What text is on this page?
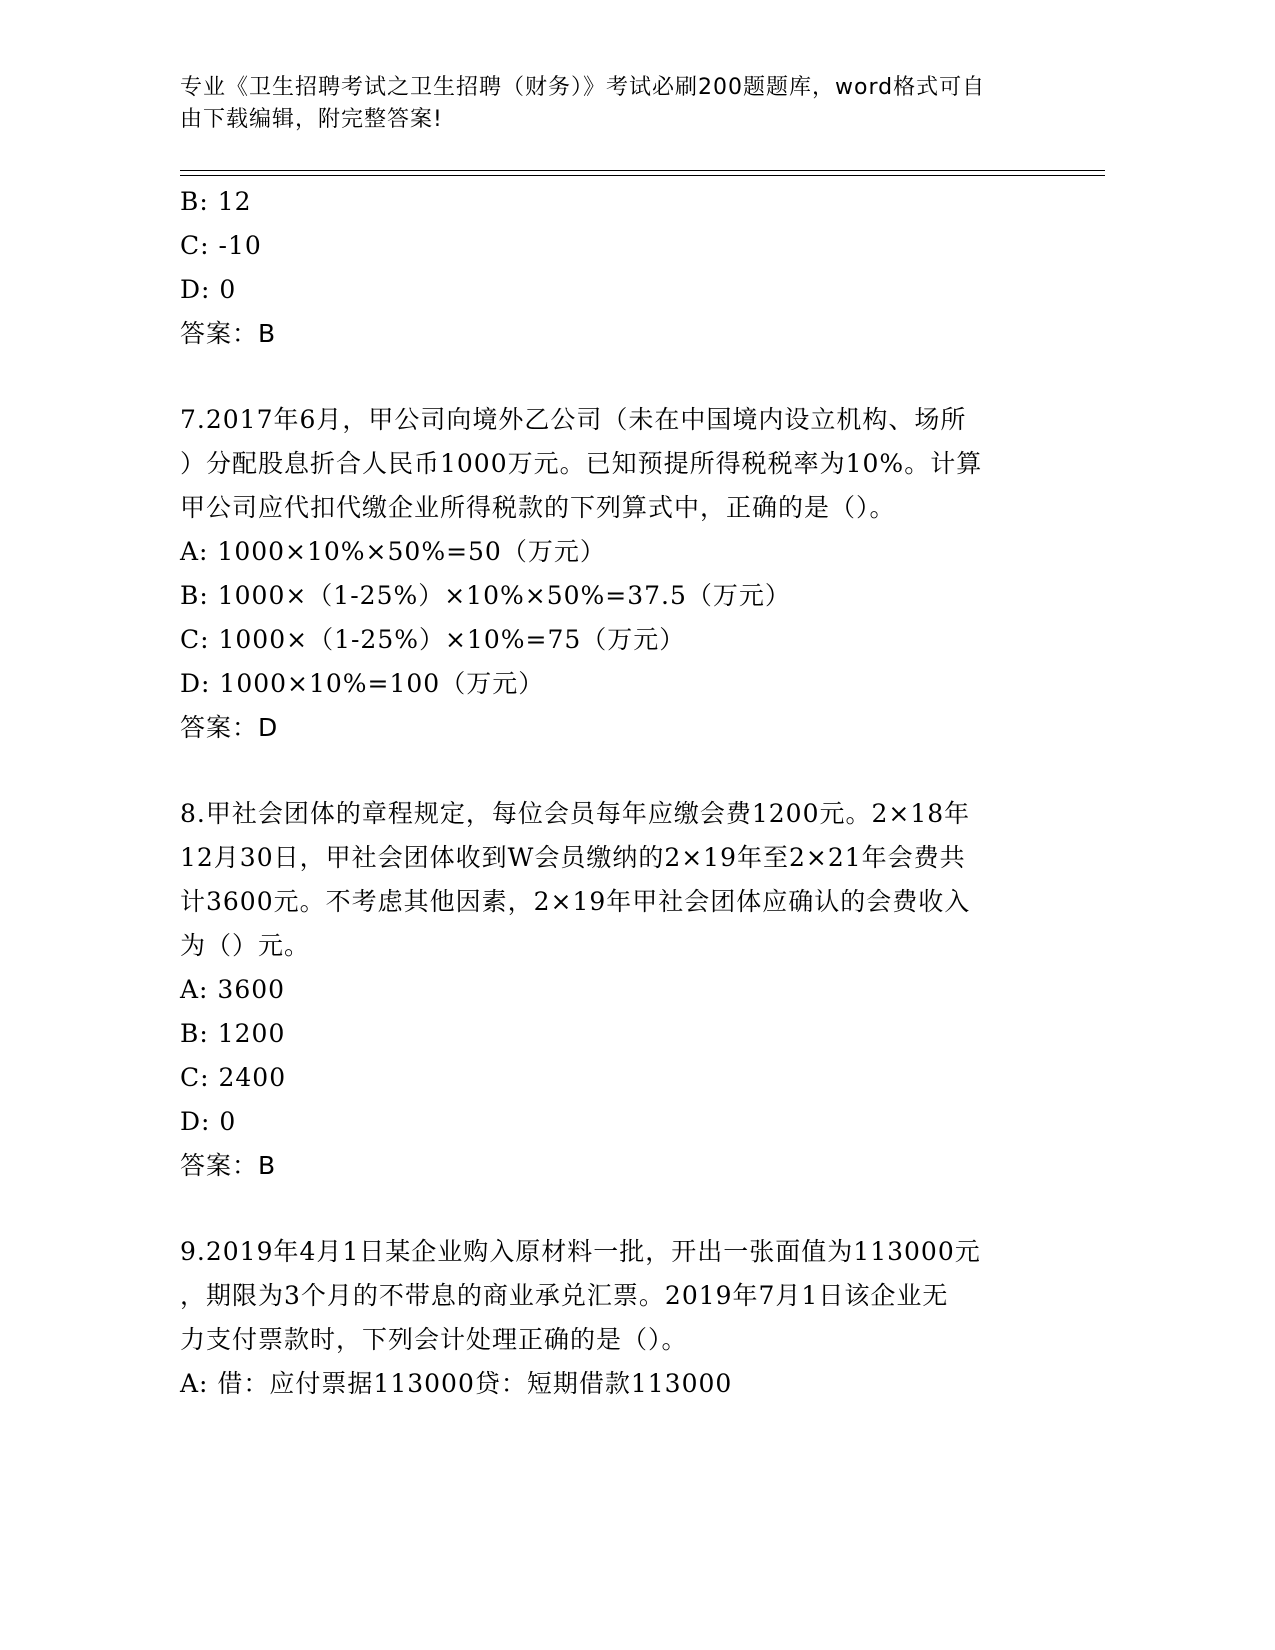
专业《卫生招聘考试之卫生招聘（财务）》考试必刷200题题库，word格式可自
由下载编辑，附完整答案!
B: 12
C: -10
D: 0
答案：B
7.2017年6月，甲公司向境外乙公司（未在中国境内设立机构、场所
）分配股息折合人民币1000万元。已知预提所得税税率为10%。计算
甲公司应代扣代缴企业所得税款的下列算式中，正确的是（）。
A: 1000×10%×50%=50（万元）
B: 1000×（1-25%）×10%×50%=37.5（万元）
C: 1000×（1-25%）×10%=75（万元）
D: 1000×10%=100（万元）
答案：D
8.甲社会团体的章程规定，每位会员每年应缴会费1200元。2×18年
12月30日，甲社会团体收到W会员缴纳的2×19年至2×21年会费共
计3600元。不考虑其他因素，2×19年甲社会团体应确认的会费收入
为（）元。
A: 3600
B: 1200
C: 2400
D: 0
答案：B
9.2019年4月1日某企业购入原材料一批，开出一张面值为113000元
，期限为3个月的不带息的商业承兑汇票。2019年7月1日该企业无
力支付票款时，下列会计处理正确的是（）。
A: 借：应付票据113000贷：短期借款113000
